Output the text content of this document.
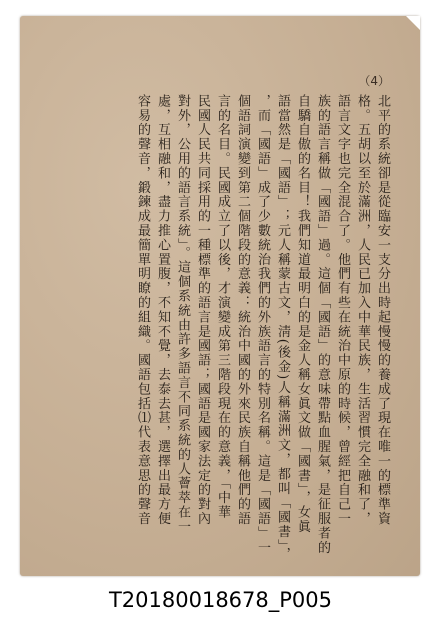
（4）

北平的系統卻是從臨安一支分出時起慢慢的養成了現在唯一的標準資

格。五胡以至於滿洲，人民已加入中華民族，生活習慣完全融和了，

語言文字也完全混合了。他們有些在統治中原的時候，曾經把自己一

族的語言稱做「國語」過。這個「國語」的意味帶點血腥氣，是征服者的

自驕自傲的名目！我們知道最明白的是金人稱女眞文做「國書」，女眞

語當然是「國語」；元人稱蒙古文，淸(後金)人稱滿洲文，都叫「國書」，

，而「國語」成了少數統治我們的外族語言的特別名稱。這是「國語」一

個語詞演變到第二個階段的意義：統治中國的外來民族自稱他們的語

言的名目。民國成立了以後，才演變成第三階段現在的意義，「中華

民國人民共同採用的一種標準的語言是國語；國語是國家法定的對內

對外，公用的語言系統」。這個系統由許多語言不同系統的人薈萃在一

處，互相融和，盡力推心置腹，不知不覺，去泰去甚，選擇出最方便

容易的聲音，鍛鍊成最簡單明瞭的組織。國語包括⑴代表意思的聲音

T20180018678_P005
